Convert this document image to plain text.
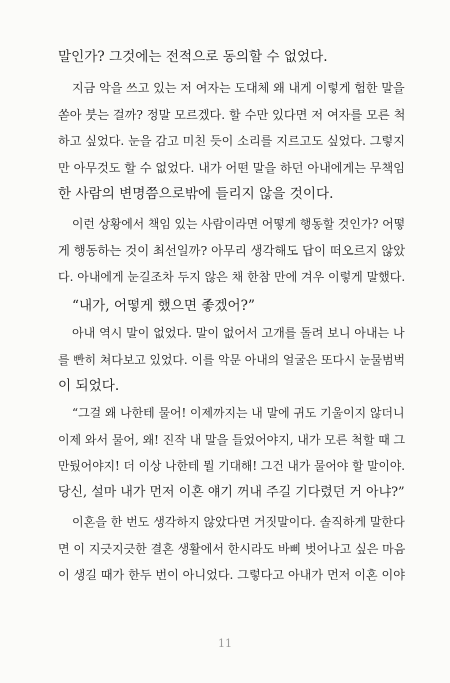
말인가? 그것에는 전적으로 동의할 수 없었다.
지금 악을 쓰고 있는 저 여자는 도대체 왜 내게 이렇게 험한 말을
쏟아 붓는 걸까? 정말 모르겠다. 할 수만 있다면 저 여자를 모른 척
하고 싶었다. 눈을 감고 미친 듯이 소리를 지르고도 싶었다. 그렇지
만 아무것도 할 수 없었다. 내가 어떤 말을 하던 아내에게는 무책임
한 사람의 변명쯤으로밖에 들리지 않을 것이다.
이런 상황에서 책임 있는 사람이라면 어떻게 행동할 것인가? 어떻
게 행동하는 것이 최선일까? 아무리 생각해도 답이 떠오르지 않았
다. 아내에게 눈길조차 두지 않은 채 한참 만에 겨우 이렇게 말했다.
“내가, 어떻게 했으면 좋겠어?”
아내 역시 말이 없었다. 말이 없어서 고개를 돌려 보니 아내는 나
를 빤히 쳐다보고 있었다. 이를 악문 아내의 얼굴은 또다시 눈물범벅
이 되었다.
“그걸 왜 나한테 물어! 이제까지는 내 말에 귀도 기울이지 않더니
이제 와서 물어, 왜! 진작 내 말을 들었어야지, 내가 모른 척할 때 그
만뒀어야지! 더 이상 나한테 뭘 기대해! 그건 내가 물어야 할 말이야.
당신, 설마 내가 먼저 이혼 얘기 꺼내 주길 기다렸던 거 아냐?”
이혼을 한 번도 생각하지 않았다면 거짓말이다. 솔직하게 말한다
면 이 지긋지긋한 결혼 생활에서 한시라도 바삐 벗어나고 싶은 마음
이 생길 때가 한두 번이 아니었다. 그렇다고 아내가 먼저 이혼 이야
11
